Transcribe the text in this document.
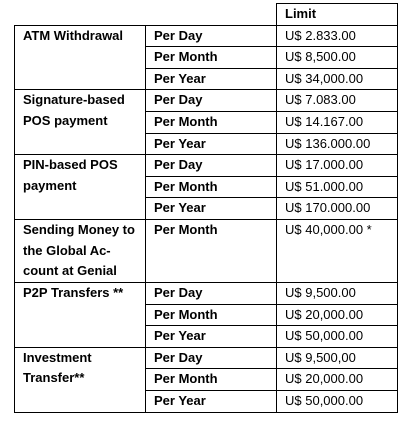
		Limit
ATM Withdrawal	Per Day	U$ 2.833.00
	Per Month	U$ 8,500.00
	Per Year	U$ 34,000.00
Signature-based POS payment	Per Day	U$ 7.083.00
	Per Month	U$ 14.167.00
	Per Year	U$ 136.000.00
PIN-based POS payment	Per Day	U$ 17.000.00
	Per Month	U$ 51.000.00
	Per Year	U$ 170.000.00
Sending Money to the Global Ac-count at Genial	Per Month	U$ 40,000.00 *
P2P Transfers **	Per Day	U$ 9,500.00
	Per Month	U$ 20,000.00
	Per Year	U$ 50,000.00
Investment Transfer**	Per Day	U$ 9,500,00
	Per Month	U$ 20,000.00
	Per Year	U$ 50,000.00
